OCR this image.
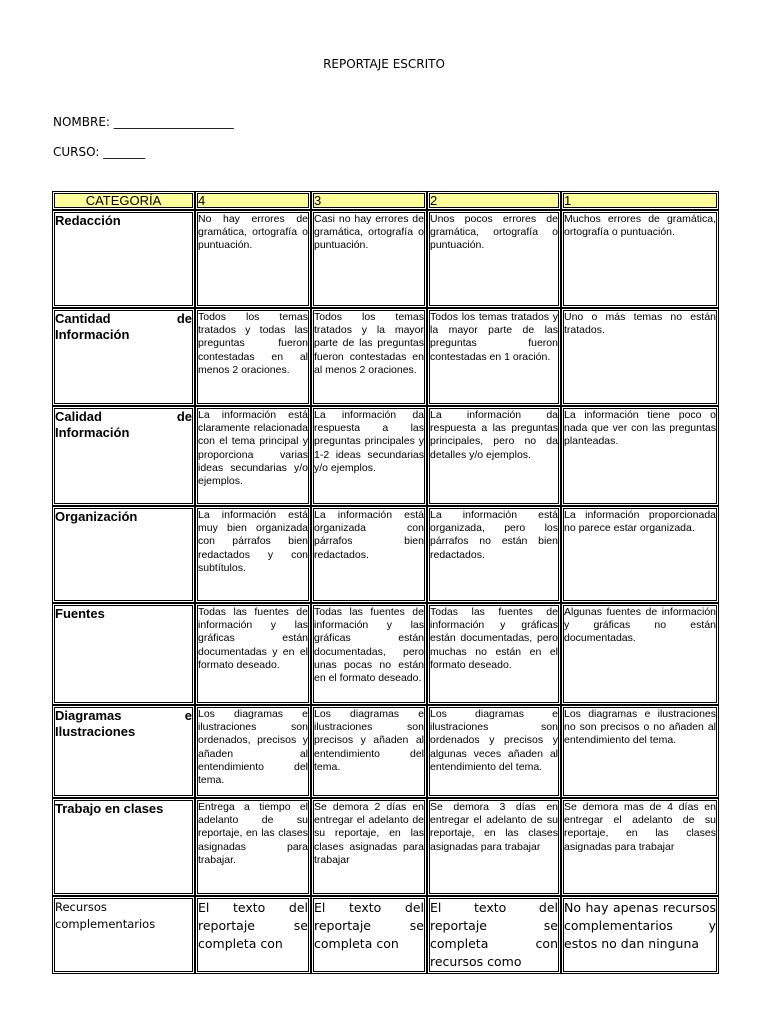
REPORTAJE ESCRITO
NOMBRE: ____________________
CURSO: _______
CATEGORÍA	4	3	2	1
Redacción	No hay errores de gramática, ortografía o puntuación.	Casi no hay errores de gramática, ortografía o puntuación.	Unos pocos errores de gramática, ortografía o puntuación.	Muchos errores de gramática, ortografía o puntuación.
Cantidad de Información	Todos los temas tratados y todas las preguntas fueron contestadas en al menos 2 oraciones.	Todos los temas tratados y la mayor parte de las preguntas fueron contestadas en al menos 2 oraciones.	Todos los temas tratados y la mayor parte de las preguntas fueron contestadas en 1 oración.	Uno o más temas no están tratados.
Calidad de Información	La información está claramente relacionada con el tema principal y proporciona varias ideas secundarias y/o ejemplos.	La información da respuesta a las preguntas principales y 1-2 ideas secundarias y/o ejemplos.	La información da respuesta a las preguntas principales, pero no da detalles y/o ejemplos.	La información tiene poco o nada que ver con las preguntas planteadas.
Organización	La información está muy bien organizada con párrafos bien redactados y con subtítulos.	La información está organizada con párrafos bien redactados.	La información está organizada, pero los párrafos no están bien redactados.	La información proporcionada no parece estar organizada.
Fuentes	Todas las fuentes de información y las gráficas están documentadas y en el formato deseado.	Todas las fuentes de información y las gráficas están documentadas, pero unas pocas no están en el formato deseado.	Todas las fuentes de información y gráficas están documentadas, pero muchas no están en el formato deseado.	Algunas fuentes de información y gráficas no están documentadas.
Diagramas e Ilustraciones	Los diagramas e ilustraciones son ordenados, precisos y añaden al entendimiento del tema.	Los diagramas e ilustraciones son precisos y añaden al entendimiento del tema.	Los diagramas e ilustraciones son ordenados y precisos y algunas veces añaden al entendimiento del tema.	Los diagramas e ilustraciones no son precisos o no añaden al entendimiento del tema.
Trabajo en clases	Entrega a tiempo el adelanto de su reportaje, en las clases asignadas para trabajar.	Se demora 2 días en entregar el adelanto de su reportaje, en las clases asignadas para trabajar	Se demora 3 días en entregar el adelanto de su reportaje, en las clases asignadas para trabajar	Se demora mas de 4 días en entregar el adelanto de su reportaje, en las clases asignadas para trabajar
Recursos complementarios	El texto del reportaje se completa con	El texto del reportaje se completa con	El texto del reportaje se completa con recursos como	No hay apenas recursos complementarios y estos no dan ninguna
